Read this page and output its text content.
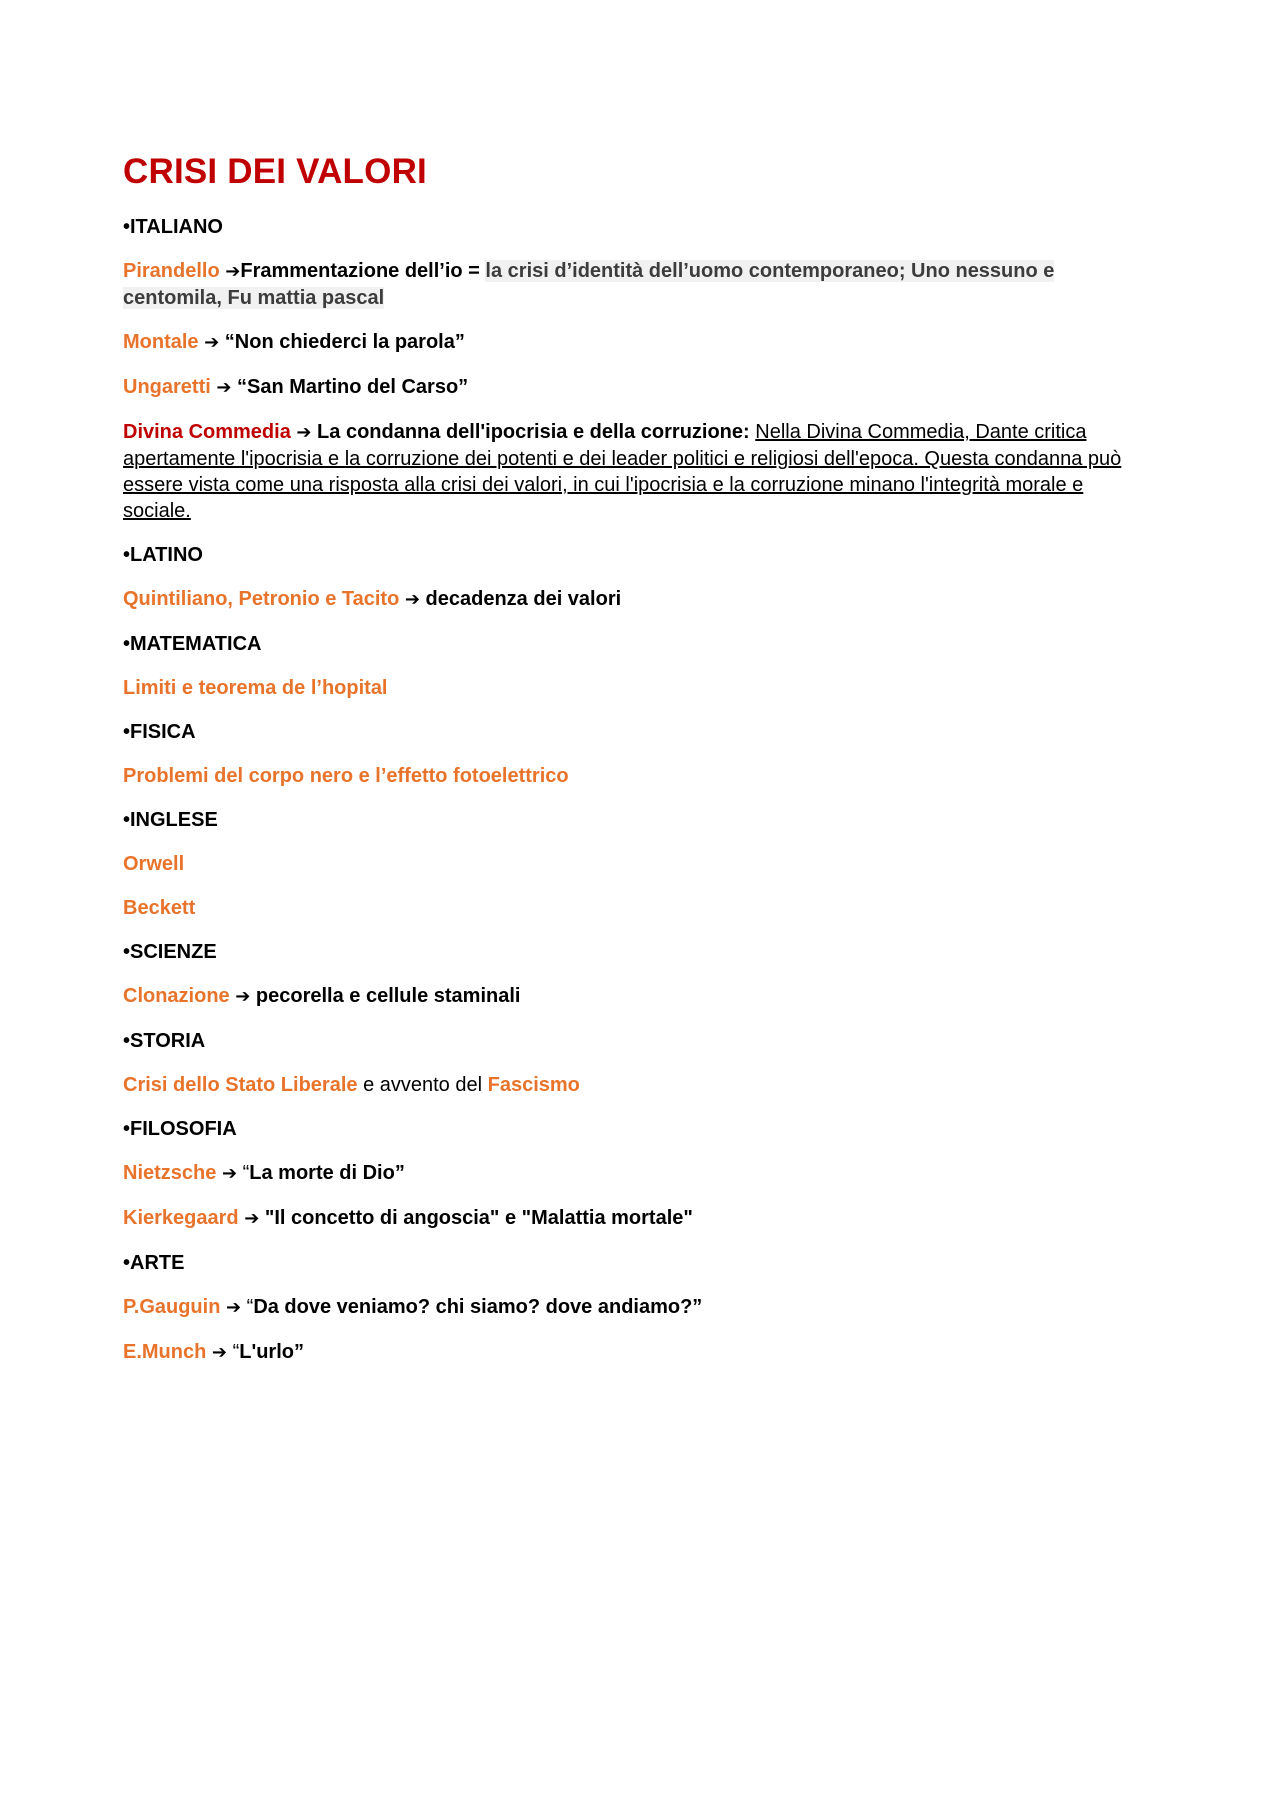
CRISI DEI VALORI
•ITALIANO
Pirandello ➔Frammentazione dell’io = la crisi d’identità dell’uomo contemporaneo; Uno nessuno e centomila, Fu mattia pascal
Montale ➔ “Non chiederci la parola”
Ungaretti ➔ “San Martino del Carso”
Divina Commedia ➔ La condanna dell'ipocrisia e della corruzione: Nella Divina Commedia, Dante critica apertamente l'ipocrisia e la corruzione dei potenti e dei leader politici e religiosi dell'epoca. Questa condanna può essere vista come una risposta alla crisi dei valori, in cui l'ipocrisia e la corruzione minano l'integrità morale e sociale.
•LATINO
Quintiliano, Petronio e Tacito ➔ decadenza dei valori
•MATEMATICA
Limiti e teorema de l’hopital
•FISICA
Problemi del corpo nero e l’effetto fotoelettrico
•INGLESE
Orwell
Beckett
•SCIENZE
Clonazione ➔ pecorella e cellule staminali
•STORIA
Crisi dello Stato Liberale e avvento del Fascismo
•FILOSOFIA
Nietzsche ➔ “La morte di Dio”
Kierkegaard ➔ "Il concetto di angoscia" e "Malattia mortale"
•ARTE
P.Gauguin ➔ “Da dove veniamo? chi siamo? dove andiamo?”
E.Munch ➔ “L'urlo”
